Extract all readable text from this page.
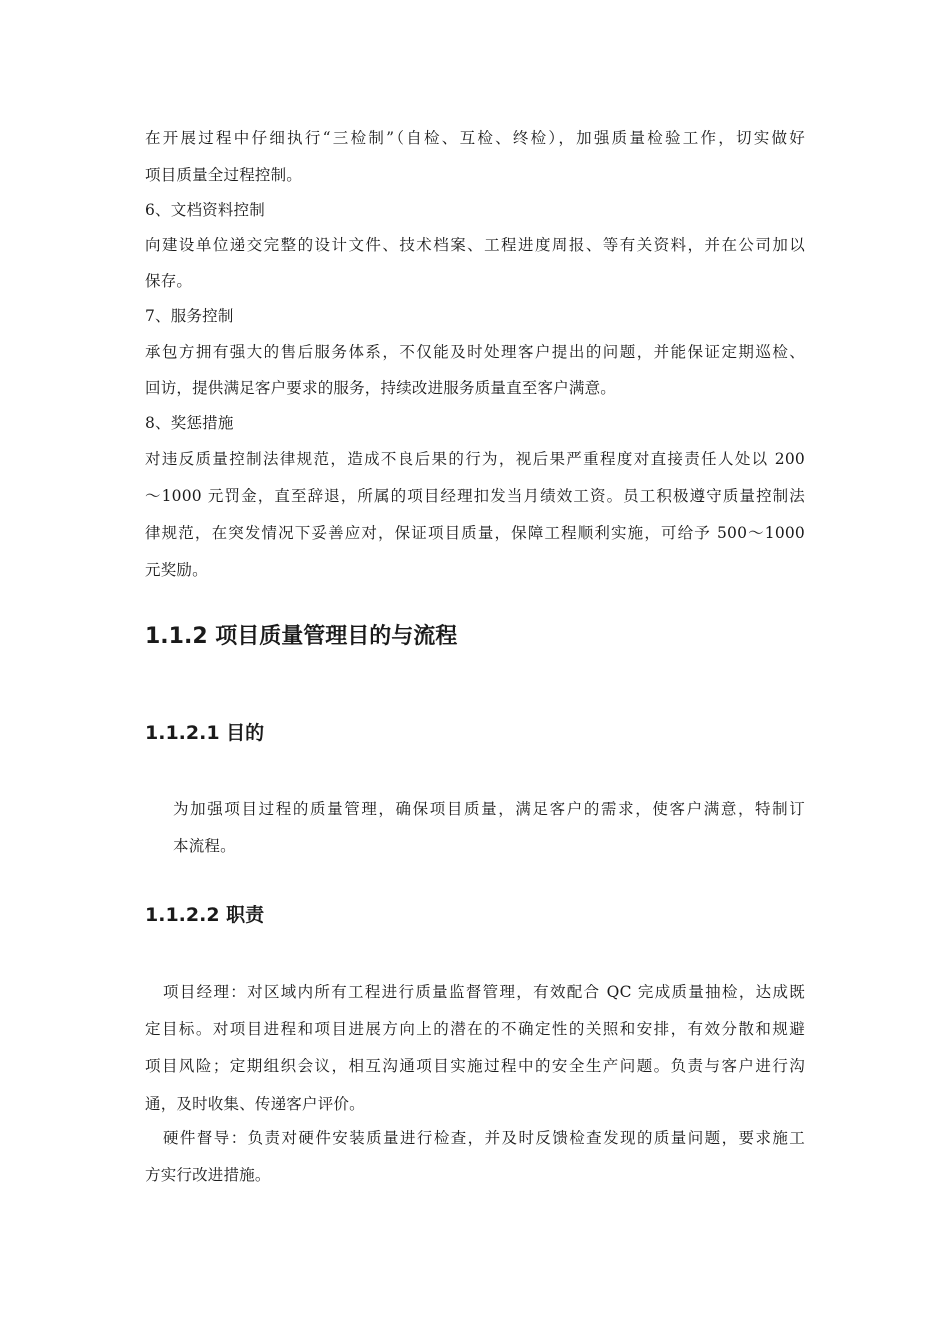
在开展过程中仔细执行“三检制”（自检、互检、终检），加强质量检验工作，切实做好
项目质量全过程控制。
6、文档资料控制
向建设单位递交完整的设计文件、技术档案、工程进度周报、等有关资料，并在公司加以
保存。
7、服务控制
承包方拥有强大的售后服务体系，不仅能及时处理客户提出的问题，并能保证定期巡检、
回访，提供满足客户要求的服务，持续改进服务质量直至客户满意。
8、奖惩措施
对违反质量控制法律规范，造成不良后果的行为，视后果严重程度对直接责任人处以 200
～1000 元罚金，直至辞退，所属的项目经理扣发当月绩效工资。员工积极遵守质量控制法
律规范，在突发情况下妥善应对，保证项目质量，保障工程顺利实施，可给予 500～1000
元奖励。
1.1.2 项目质量管理目的与流程
1.1.2.1 目的
为加强项目过程的质量管理，确保项目质量，满足客户的需求，使客户满意，特制订
本流程。
1.1.2.2 职责
项目经理：对区域内所有工程进行质量监督管理，有效配合 QC 完成质量抽检，达成既
定目标。对项目进程和项目进展方向上的潜在的不确定性的关照和安排，有效分散和规避
项目风险；定期组织会议，相互沟通项目实施过程中的安全生产问题。负责与客户进行沟
通，及时收集、传递客户评价。
硬件督导：负责对硬件安装质量进行检查，并及时反馈检查发现的质量问题，要求施工
方实行改进措施。
